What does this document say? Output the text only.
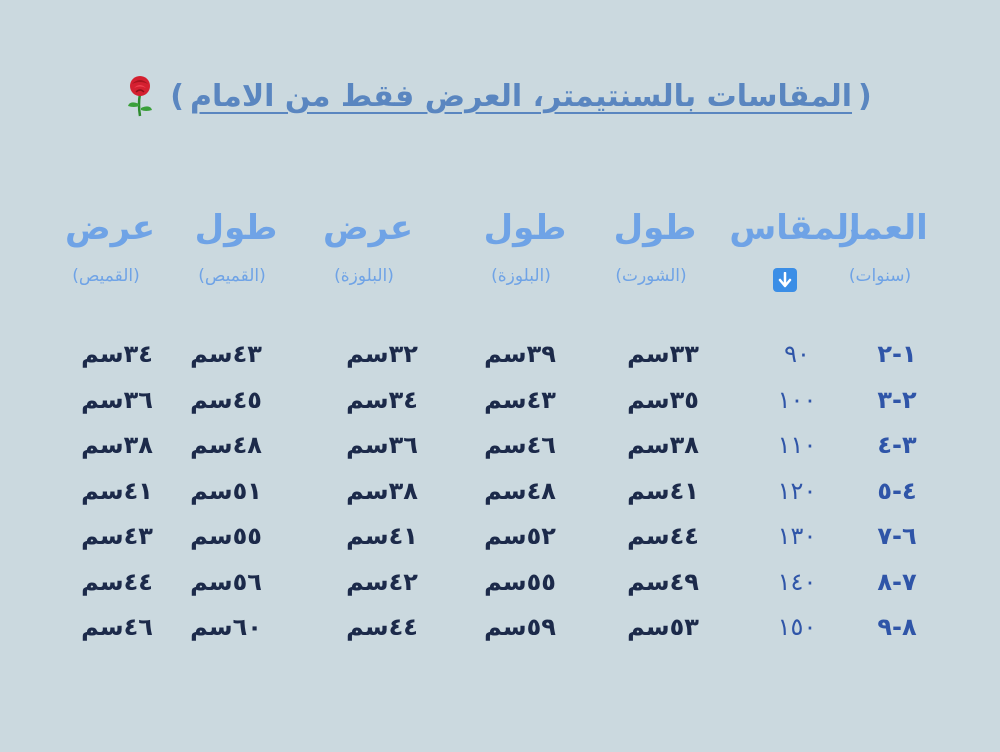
(
المقاسات بالسنتيمتر، العرض فقط من الامام
)
العمر
(سنوات)
المقاس
طول
(الشورت)
طول
(البلوزة)
عرض
(البلوزة)
طول
(القميص)
عرض
(القميص)
١-٢
٩٠
٣٣سم
٣٩سم
٣٢سم
٤٣سم
٣٤سم
٢-٣
١٠٠
٣٥سم
٤٣سم
٣٤سم
٤٥سم
٣٦سم
٣-٤
١١٠
٣٨سم
٤٦سم
٣٦سم
٤٨سم
٣٨سم
٤-٥
١٢٠
٤١سم
٤٨سم
٣٨سم
٥١سم
٤١سم
٦-٧
١٣٠
٤٤سم
٥٢سم
٤١سم
٥٥سم
٤٣سم
٧-٨
١٤٠
٤٩سم
٥٥سم
٤٢سم
٥٦سم
٤٤سم
٨-٩
١٥٠
٥٣سم
٥٩سم
٤٤سم
٦٠سم
٤٦سم
